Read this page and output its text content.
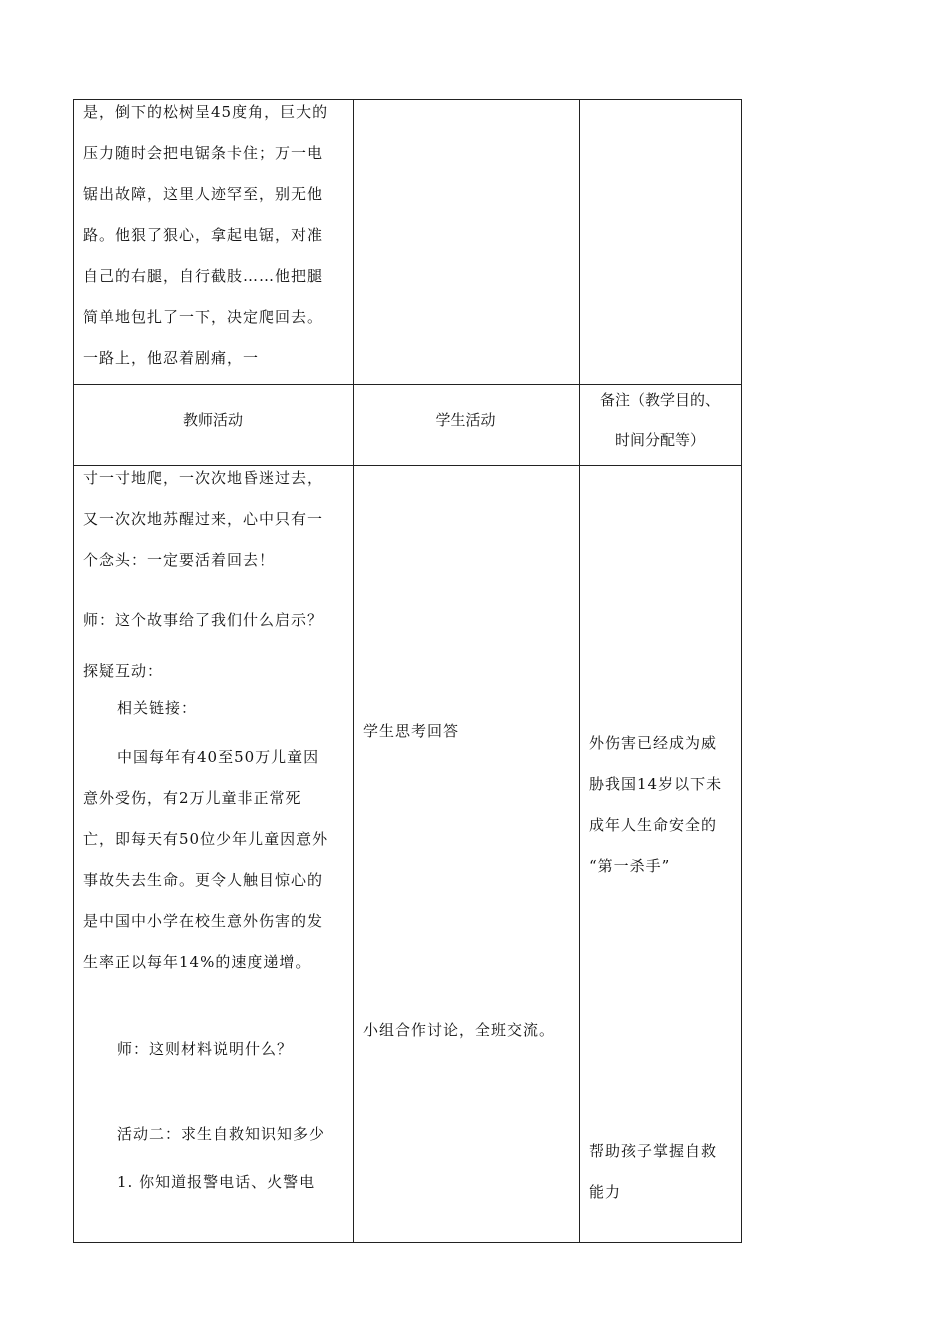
是，倒下的松树呈45度角，巨大的
压力随时会把电锯条卡住；万一电
锯出故障，这里人迹罕至，别无他
路。他狠了狠心，拿起电锯，对准
自己的右腿，自行截肢……他把腿
简单地包扎了一下，决定爬回去。
一路上，他忍着剧痛，一
教师活动	学生活动
备注（教学目的、
时间分配等）
寸一寸地爬，一次次地昏迷过去，
又一次次地苏醒过来，心中只有一
个念头：一定要活着回去！
师：这个故事给了我们什么启示？
探疑互动：
相关链接：
中国每年有40至50万儿童因
意外受伤，有2万儿童非正常死
亡，即每天有50位少年儿童因意外
事故失去生命。更令人触目惊心的
是中国中小学在校生意外伤害的发
生率正以每年14%的速度递增。
师：这则材料说明什么？
活动二：求生自救知识知多少
1. 你知道报警电话、火警电
学生思考回答
小组合作讨论，全班交流。
外伤害已经成为威
胁我国14岁以下未
成年人生命安全的
“第一杀手”
帮助孩子掌握自救
能力
